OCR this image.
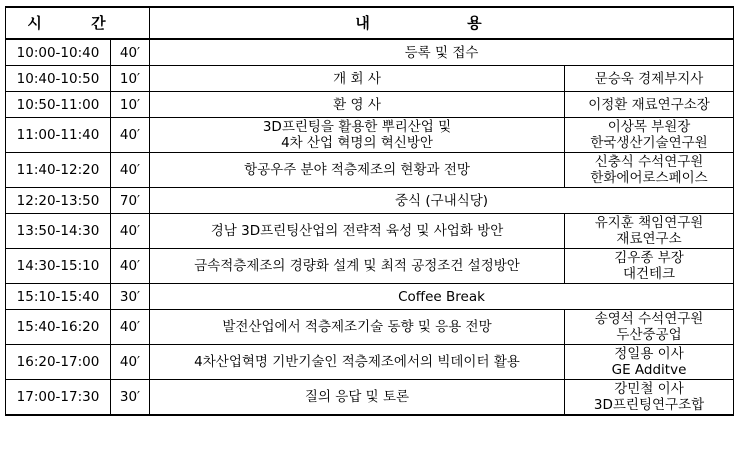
시 간		내 용	
10:00-10:40	40′	등록 및 접수	

10:40-10:50	10′	개 회 사	문승욱 경제부지사

10:50-11:00	10′	환 영 사	이정환 재료연구소장

11:00-11:40	40′	3D프린팅을 활용한 뿌리산업 및
4차 산업 혁명의 혁신방안	이상목 부원장
한국생산기술연구원

11:40-12:20	40′	항공우주 분야 적층제조의 현황과 전망	신충식 수석연구원
한화에어로스페이스

12:20-13:50	70′	중식 (구내식당)	

13:50-14:30	40′	경남 3D프린팅산업의 전략적 육성 및 사업화 방안	유지훈 책임연구원
재료연구소

14:30-15:10	40′	금속적층제조의 경량화 설계 및 최적 공정조건 설정방안	김우종 부장
대건테크

15:10-15:40	30′	Coffee Break	

15:40-16:20	40′	발전산업에서 적층제조기술 동향 및 응용 전망	송영석 수석연구원
두산중공업

16:20-17:00	40′	4차산업혁명 기반기술인 적층제조에서의 빅데이터 활용	정일용 이사
GE Additve

17:00-17:30	30′	질의 응답 및 토론	강민철 이사
3D프린팅연구조합
